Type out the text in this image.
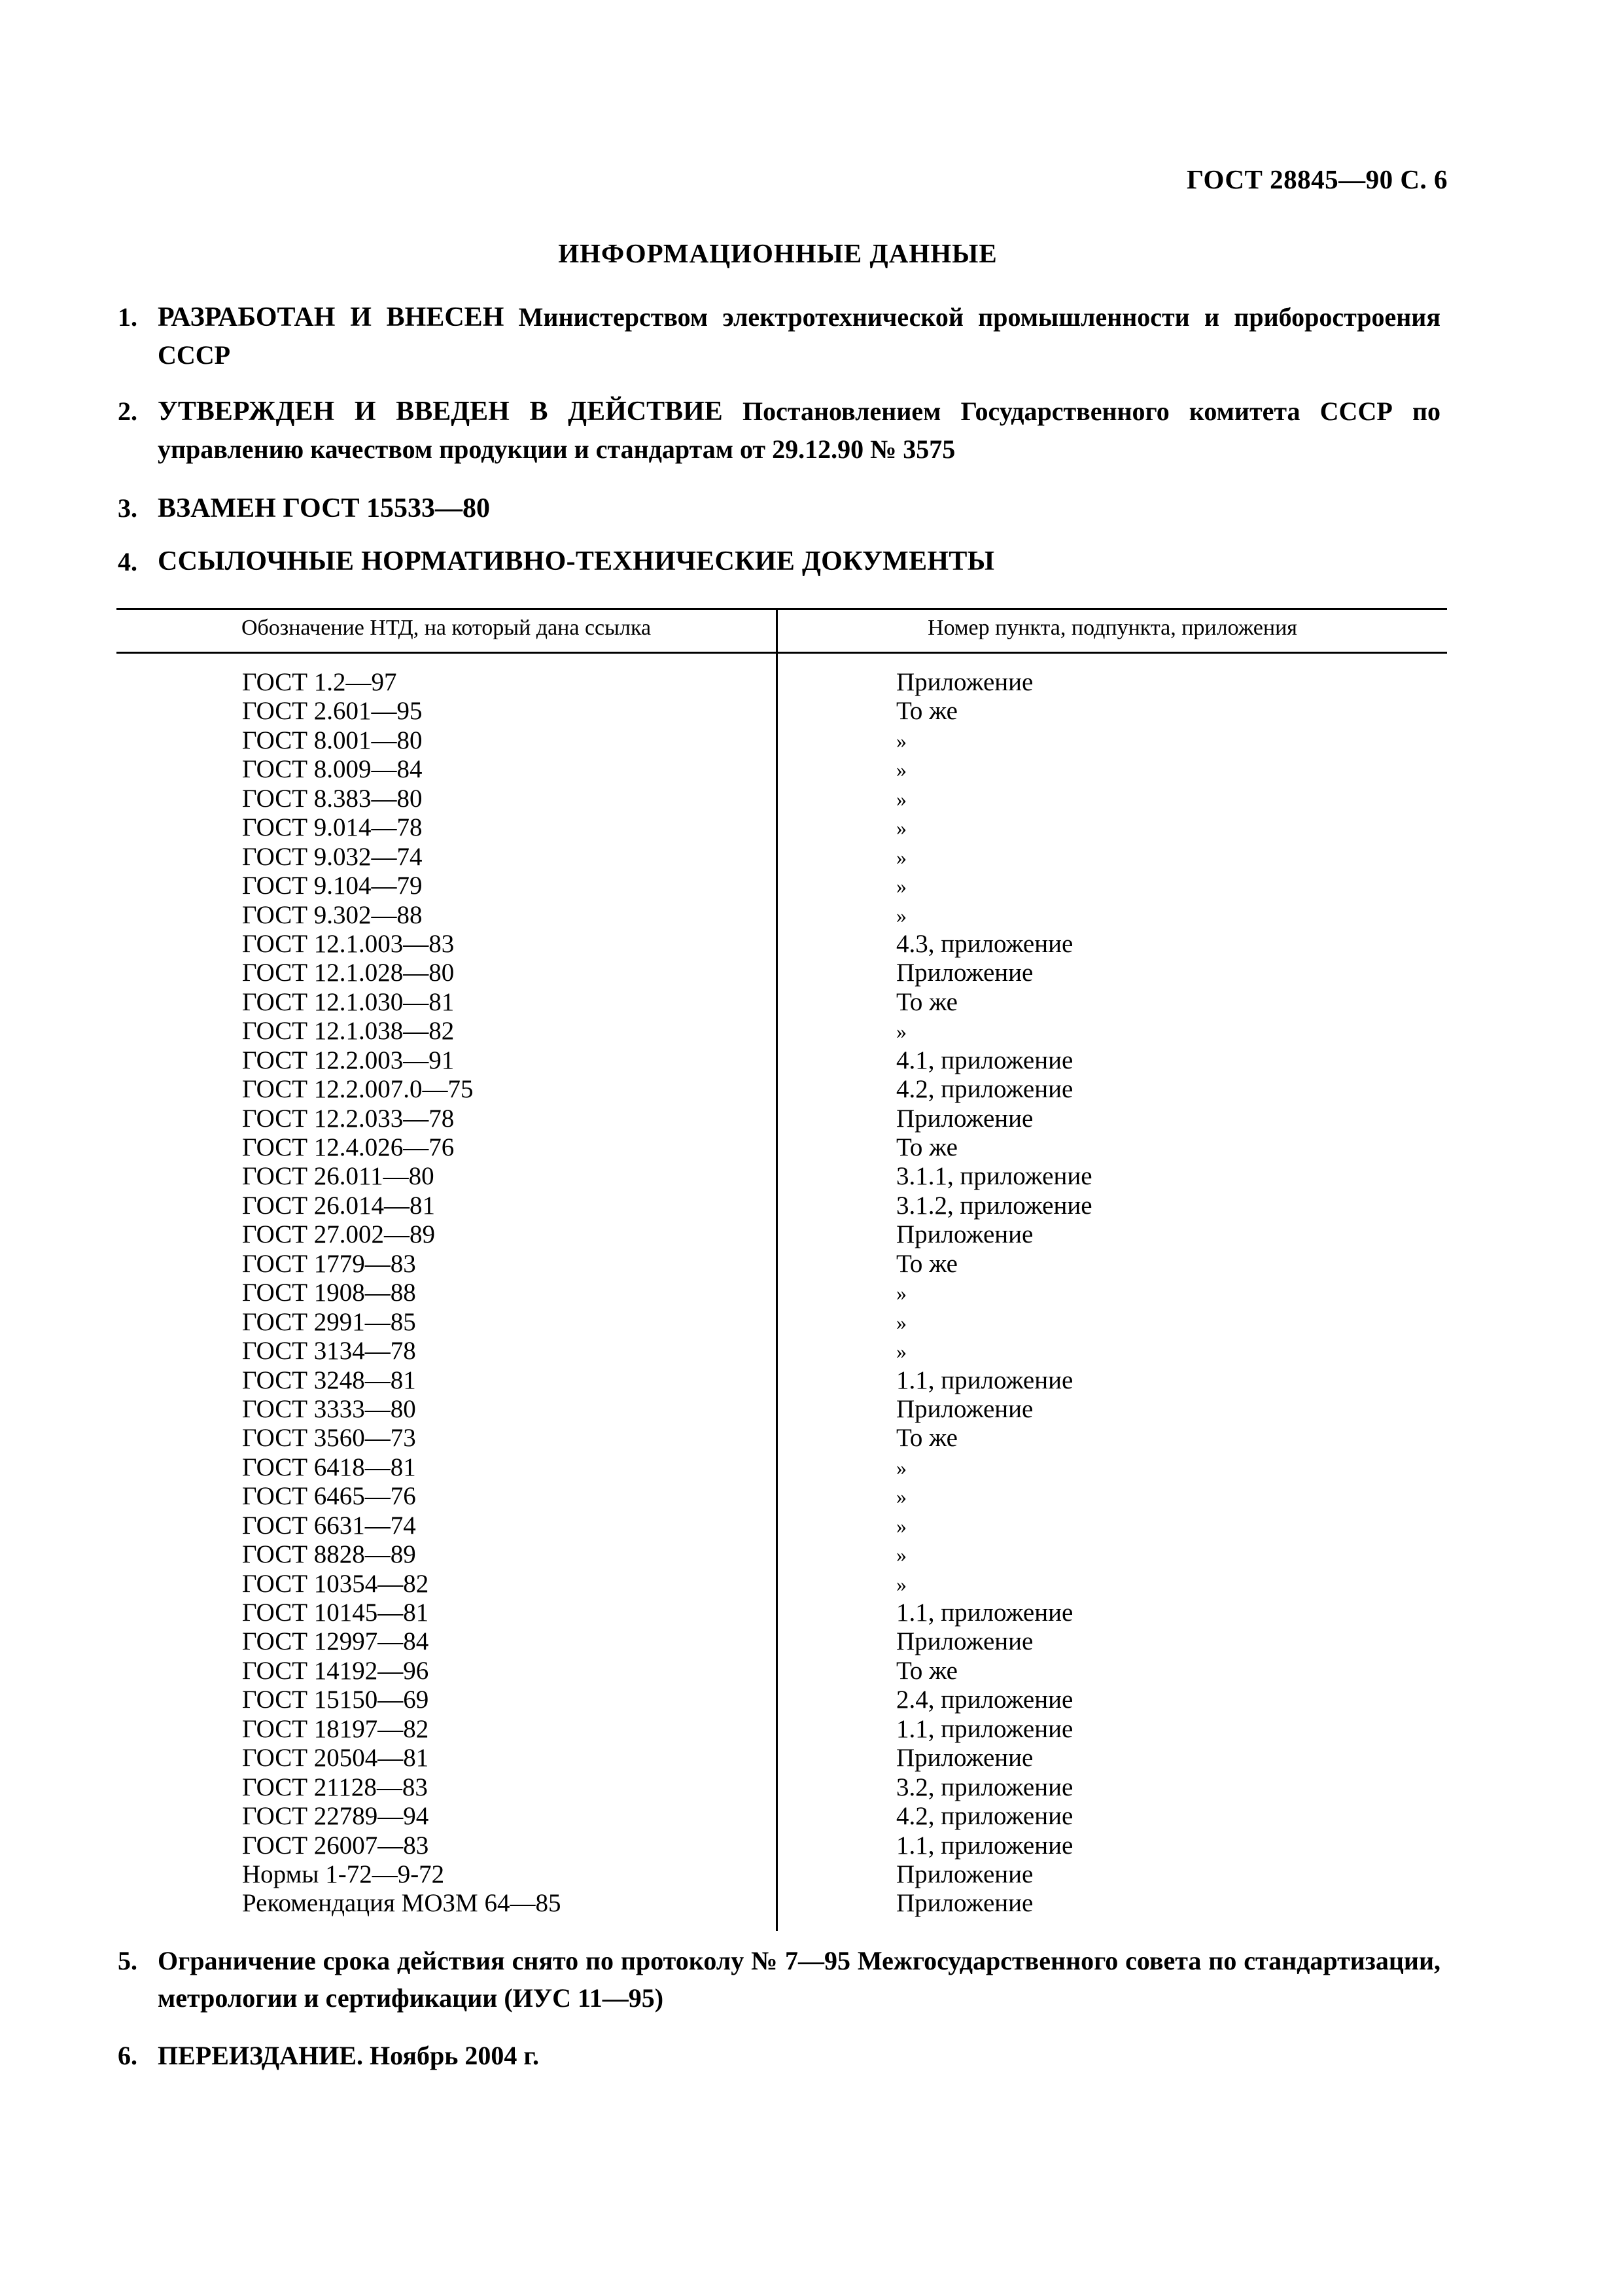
ГОСТ 28845—90 С. 6
ИНФОРМАЦИОННЫЕ ДАННЫЕ
1. РАЗРАБОТАН И ВНЕСЕН Министерством электротехнической промышленности и приборостроения СССР
2. УТВЕРЖДЕН И ВВЕДЕН В ДЕЙСТВИЕ Постановлением Государственного комитета СССР по управлению качеством продукции и стандартам от 29.12.90 № 3575
3. ВЗАМЕН ГОСТ 15533—80
4. ССЫЛОЧНЫЕ НОРМАТИВНО-ТЕХНИЧЕСКИЕ ДОКУМЕНТЫ
Обозначение НТД, на который дана ссылка	Номер пункта, подпункта, приложения
ГОСТ 1.2—97	Приложение
ГОСТ 2.601—95	То же
ГОСТ 8.001—80	»
ГОСТ 8.009—84	»
ГОСТ 8.383—80	»
ГОСТ 9.014—78	»
ГОСТ 9.032—74	»
ГОСТ 9.104—79	»
ГОСТ 9.302—88	»
ГОСТ 12.1.003—83	4.3, приложение
ГОСТ 12.1.028—80	Приложение
ГОСТ 12.1.030—81	То же
ГОСТ 12.1.038—82	»
ГОСТ 12.2.003—91	4.1, приложение
ГОСТ 12.2.007.0—75	4.2, приложение
ГОСТ 12.2.033—78	Приложение
ГОСТ 12.4.026—76	То же
ГОСТ 26.011—80	3.1.1, приложение
ГОСТ 26.014—81	3.1.2, приложение
ГОСТ 27.002—89	Приложение
ГОСТ 1779—83	То же
ГОСТ 1908—88	»
ГОСТ 2991—85	»
ГОСТ 3134—78	»
ГОСТ 3248—81	1.1, приложение
ГОСТ 3333—80	Приложение
ГОСТ 3560—73	То же
ГОСТ 6418—81	»
ГОСТ 6465—76	»
ГОСТ 6631—74	»
ГОСТ 8828—89	»
ГОСТ 10354—82	»
ГОСТ 10145—81	1.1, приложение
ГОСТ 12997—84	Приложение
ГОСТ 14192—96	То же
ГОСТ 15150—69	2.4, приложение
ГОСТ 18197—82	1.1, приложение
ГОСТ 20504—81	Приложение
ГОСТ 21128—83	3.2, приложение
ГОСТ 22789—94	4.2, приложение
ГОСТ 26007—83	1.1, приложение
Нормы 1-72—9-72	Приложение
Рекомендация МОЗМ 64—85	Приложение
5. Ограничение срока действия снято по протоколу № 7—95 Межгосударственного совета по стандартизации, метрологии и сертификации (ИУС 11—95)
6. ПЕРЕИЗДАНИЕ. Ноябрь 2004 г.
